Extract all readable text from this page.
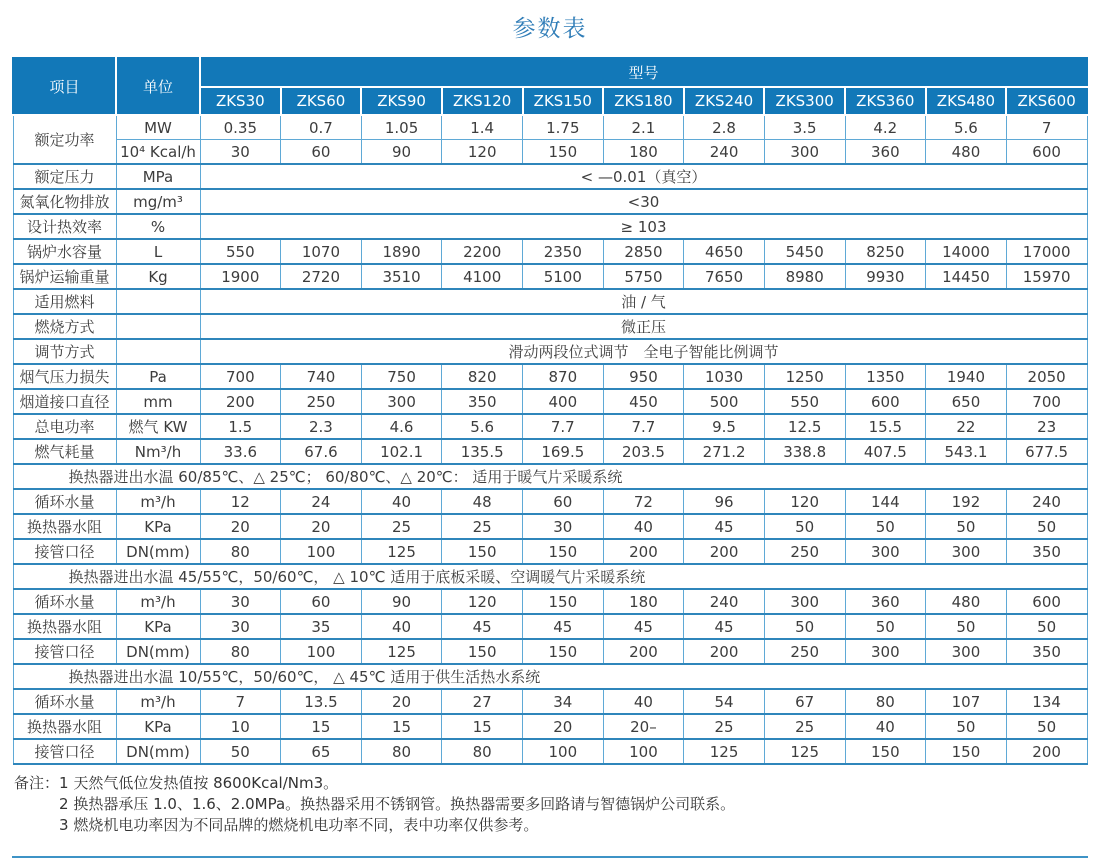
参数表
项目	单位	型号										
		ZKS30	ZKS60	ZKS90	ZKS120	ZKS150	ZKS180	ZKS240	ZKS300	ZKS360	ZKS480	ZKS600
额定功率	MW	0.35	0.7	1.05	1.4	1.75	2.1	2.8	3.5	4.2	5.6	7
	10⁴ Kcal/h	30	60	90	120	150	180	240	300	360	480	600
额定压力	MPa	< —0.01（真空）										
氮氧化物排放	mg/m³	<30										
设计热效率	%	≥ 103										
锅炉水容量	L	550	1070	1890	2200	2350	2850	4650	5450	8250	14000	17000
锅炉运输重量	Kg	1900	2720	3510	4100	5100	5750	7650	8980	9930	14450	15970
适用燃料		油 / 气										
燃烧方式		微正压										
调节方式		滑动两段位式调节　全电子智能比例调节										
烟气压力损失	Pa	700	740	750	820	870	950	1030	1250	1350	1940	2050
烟道接口直径	mm	200	250	300	350	400	450	500	550	600	650	700
总电功率	燃气 KW	1.5	2.3	4.6	5.6	7.7	7.7	9.5	12.5	15.5	22	23
燃气耗量	Nm³/h	33.6	67.6	102.1	135.5	169.5	203.5	271.2	338.8	407.5	543.1	677.5
换热器进出水温 60/85℃、△ 25℃； 60/80℃、△ 20℃： 适用于暖气片采暖系统												
循环水量	m³/h	12	24	40	48	60	72	96	120	144	192	240
换热器水阻	KPa	20	20	25	25	30	40	45	50	50	50	50
接管口径	DN(mm)	80	100	125	150	150	200	200	250	300	300	350
换热器进出水温 45/55℃，50/60℃， △ 10℃ 适用于底板采暖、空调暖气片采暖系统												
循环水量	m³/h	30	60	90	120	150	180	240	300	360	480	600
换热器水阻	KPa	30	35	40	45	45	45	45	50	50	50	50
接管口径	DN(mm)	80	100	125	150	150	200	200	250	300	300	350
换热器进出水温 10/55℃，50/60℃， △ 45℃ 适用于供生活热水系统												
循环水量	m³/h	7	13.5	20	27	34	40	54	67	80	107	134
换热器水阻	KPa	10	15	15	15	20	20–	25	25	40	50	50
接管口径	DN(mm)	50	65	80	80	100	100	125	125	150	150	200
备注： 1 天然气低位发热值按 8600Kcal/Nm3。
2 换热器承压 1.0、1.6、2.0MPa。换热器采用不锈钢管。换热器需要多回路请与智德锅炉公司联系。
3 燃烧机电功率因为不同品牌的燃烧机电功率不同，表中功率仅供参考。
